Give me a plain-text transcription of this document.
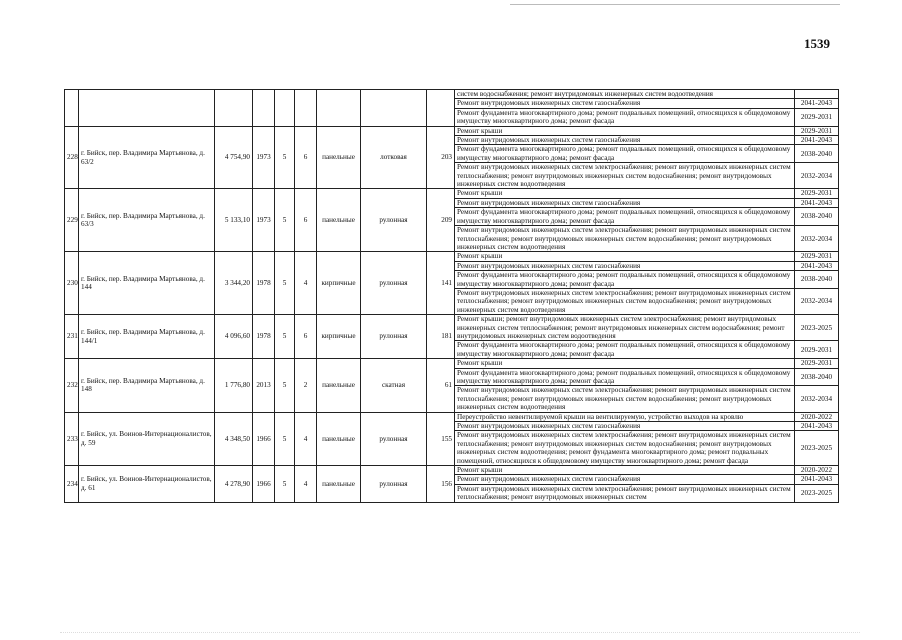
1539
									систем водоснабжения; ремонт внутридомовых инженерных систем водоотведения	
									Ремонт внутридомовых инженерных систем газоснабжения	2041-2043
									Ремонт фундамента многоквартирного дома; ремонт подвальных помещений, относящихся к общедомовому имуществу многоквартирного дома; ремонт фасада	2029-2031
228	г. Бийск, пер. Владимира Мартьянова, д. 63/2	4 754,90	1973	5	6	панельные	лотковая	203	Ремонт крыши	2029-2031
									Ремонт внутридомовых инженерных систем газоснабжения	2041-2043
									Ремонт фундамента многоквартирного дома; ремонт подвальных помещений, относящихся к общедомовому имуществу многоквартирного дома; ремонт фасада	2038-2040
									Ремонт внутридомовых инженерных систем электроснабжения; ремонт внутридомовых инженерных систем теплоснабжения; ремонт внутридомовых инженерных систем водоснабжения; ремонт внутридомовых инженерных систем водоотведения	2032-2034
229	г. Бийск, пер. Владимира Мартьянова, д. 63/3	5 133,10	1973	5	6	панельные	рулонная	209	Ремонт крыши	2029-2031
									Ремонт внутридомовых инженерных систем газоснабжения	2041-2043
									Ремонт фундамента многоквартирного дома; ремонт подвальных помещений, относящихся к общедомовому имуществу многоквартирного дома; ремонт фасада	2038-2040
									Ремонт внутридомовых инженерных систем электроснабжения; ремонт внутридомовых инженерных систем теплоснабжения; ремонт внутридомовых инженерных систем водоснабжения; ремонт внутридомовых инженерных систем водоотведения	2032-2034
230	г. Бийск, пер. Владимира Мартьянова, д. 144	3 344,20	1978	5	4	кирпичные	рулонная	141	Ремонт крыши	2029-2031
									Ремонт внутридомовых инженерных систем газоснабжения	2041-2043
									Ремонт фундамента многоквартирного дома; ремонт подвальных помещений, относящихся к общедомовому имуществу многоквартирного дома; ремонт фасада	2038-2040
									Ремонт внутридомовых инженерных систем электроснабжения; ремонт внутридомовых инженерных систем теплоснабжения; ремонт внутридомовых инженерных систем водоснабжения; ремонт внутридомовых инженерных систем водоотведения	2032-2034
231	г. Бийск, пер. Владимира Мартьянова, д. 144/1	4 096,60	1978	5	6	кирпичные	рулонная	181	Ремонт крыши; ремонт внутридомовых инженерных систем электроснабжения; ремонт внутридомовых инженерных систем теплоснабжения; ремонт внутридомовых инженерных систем водоснабжения; ремонт внутридомовых инженерных систем водоотведения	2023-2025
									Ремонт фундамента многоквартирного дома; ремонт подвальных помещений, относящихся к общедомовому имуществу многоквартирного дома; ремонт фасада	2029-2031
232	г. Бийск, пер. Владимира Мартьянова, д. 148	1 776,80	2013	5	2	панельные	скатная	61	Ремонт крыши	2029-2031
									Ремонт фундамента многоквартирного дома; ремонт подвальных помещений, относящихся к общедомовому имуществу многоквартирного дома; ремонт фасада	2038-2040
									Ремонт внутридомовых инженерных систем электроснабжения; ремонт внутридомовых инженерных систем теплоснабжения; ремонт внутридомовых инженерных систем водоснабжения; ремонт внутридомовых инженерных систем водоотведения	2032-2034
233	г. Бийск, ул. Воинов-Интернационалистов, д. 59	4 348,50	1966	5	4	панельные	рулонная	155	Переустройство невентилируемой крыши на вентилируемую, устройство выходов на кровлю	2020-2022
									Ремонт внутридомовых инженерных систем газоснабжения	2041-2043
									Ремонт внутридомовых инженерных систем электроснабжения; ремонт внутридомовых инженерных систем теплоснабжения; ремонт внутридомовых инженерных систем водоснабжения; ремонт внутридомовых инженерных систем водоотведения; ремонт фундамента многоквартирного дома; ремонт подвальных помещений, относящихся к общедомовому имуществу многоквартирного дома; ремонт фасада	2023-2025
234	г. Бийск, ул. Воинов-Интернационалистов, д. 61	4 278,90	1966	5	4	панельные	рулонная	156	Ремонт крыши	2020-2022
									Ремонт внутридомовых инженерных систем газоснабжения	2041-2043
									Ремонт внутридомовых инженерных систем электроснабжения; ремонт внутридомовых инженерных систем теплоснабжения; ремонт внутридомовых инженерных систем	2023-2025
